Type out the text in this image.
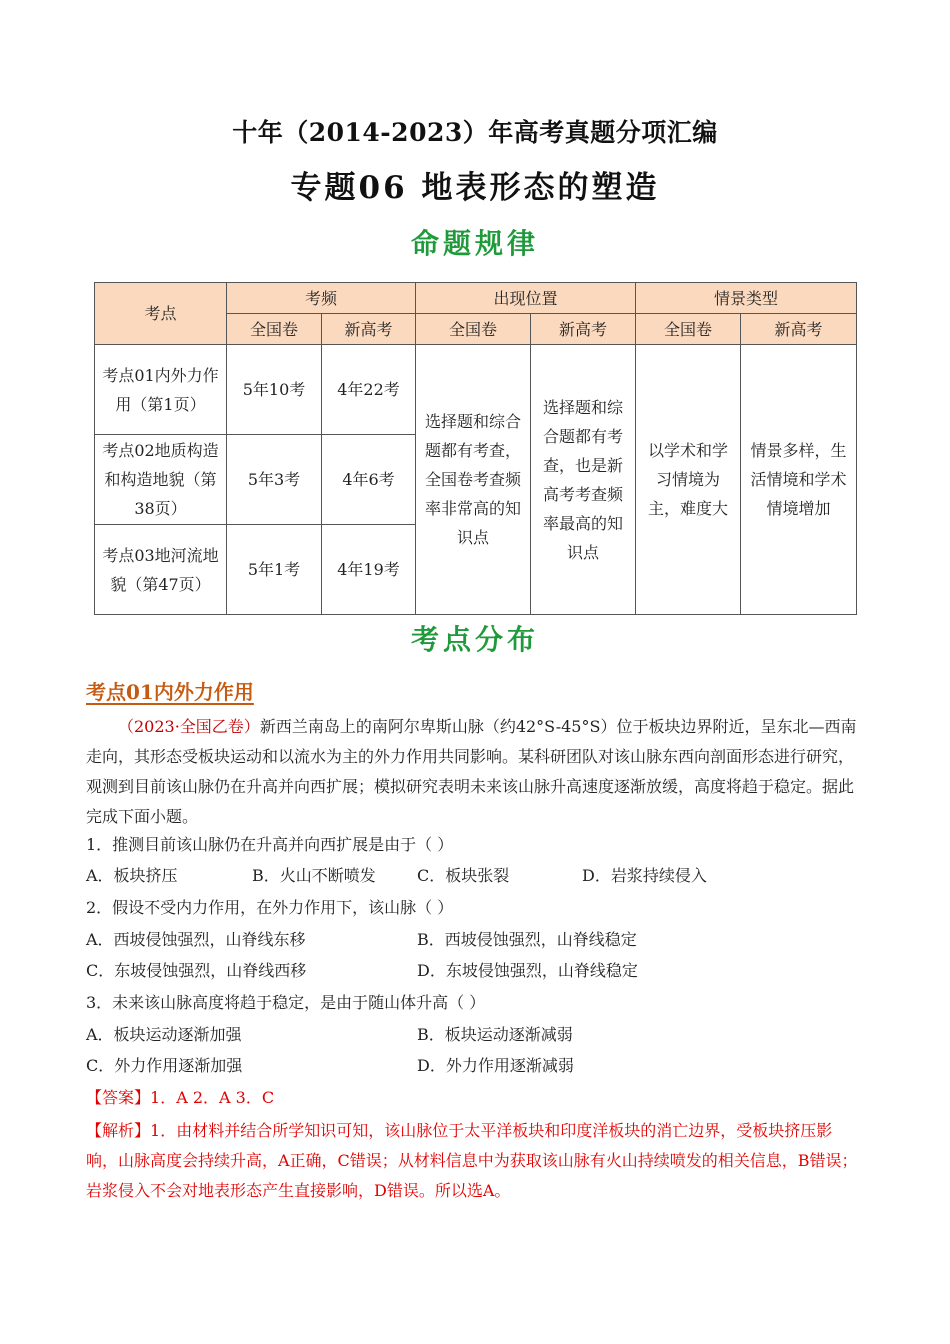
十年（2014-2023）年高考真题分项汇编
专题06 地表形态的塑造
命题规律
考点	考频		出现位置		情景类型	
	全国卷	新高考	全国卷	新高考	全国卷	新高考
考点01内外力作用（第1页）	5年10考	4年22考	选择题和综合题都有考查，全国卷考查频率非常高的知识点	选择题和综合题都有考查，也是新高考考查频率最高的知识点	以学术和学习情境为主，难度大	情景多样，生活情境和学术情境增加
考点02地质构造和构造地貌（第38页）	5年3考	4年6考				
考点03地河流地貌（第47页）	5年1考	4年19考				
考点分布
考点01内外力作用
（2023·全国乙卷）新西兰南岛上的南阿尔卑斯山脉（约42°S-45°S）位于板块边界附近，呈东北—西南走向，其形态受板块运动和以流水为主的外力作用共同影响。某科研团队对该山脉东西向剖面形态进行研究，观测到目前该山脉仍在升高并向西扩展；模拟研究表明未来该山脉升高速度逐渐放缓，高度将趋于稳定。据此完成下面小题。
1．推测目前该山脉仍在升高并向西扩展是由于（ ）
A．板块挤压	B．火山不断喷发	C．板块张裂	D．岩浆持续侵入
2．假设不受内力作用，在外力作用下，该山脉（ ）
A．西坡侵蚀强烈，山脊线东移	B．西坡侵蚀强烈，山脊线稳定
C．东坡侵蚀强烈，山脊线西移	D．东坡侵蚀强烈，山脊线稳定
3．未来该山脉高度将趋于稳定，是由于随山体升高（ ）
A．板块运动逐渐加强	B．板块运动逐渐减弱
C．外力作用逐渐加强	D．外力作用逐渐减弱
【答案】1．A 2．A 3．C
【解析】1．由材料并结合所学知识可知，该山脉位于太平洋板块和印度洋板块的消亡边界，受板块挤压影响，山脉高度会持续升高，A正确，C错误；从材料信息中为获取该山脉有火山持续喷发的相关信息，B错误；岩浆侵入不会对地表形态产生直接影响，D错误。所以选A。
